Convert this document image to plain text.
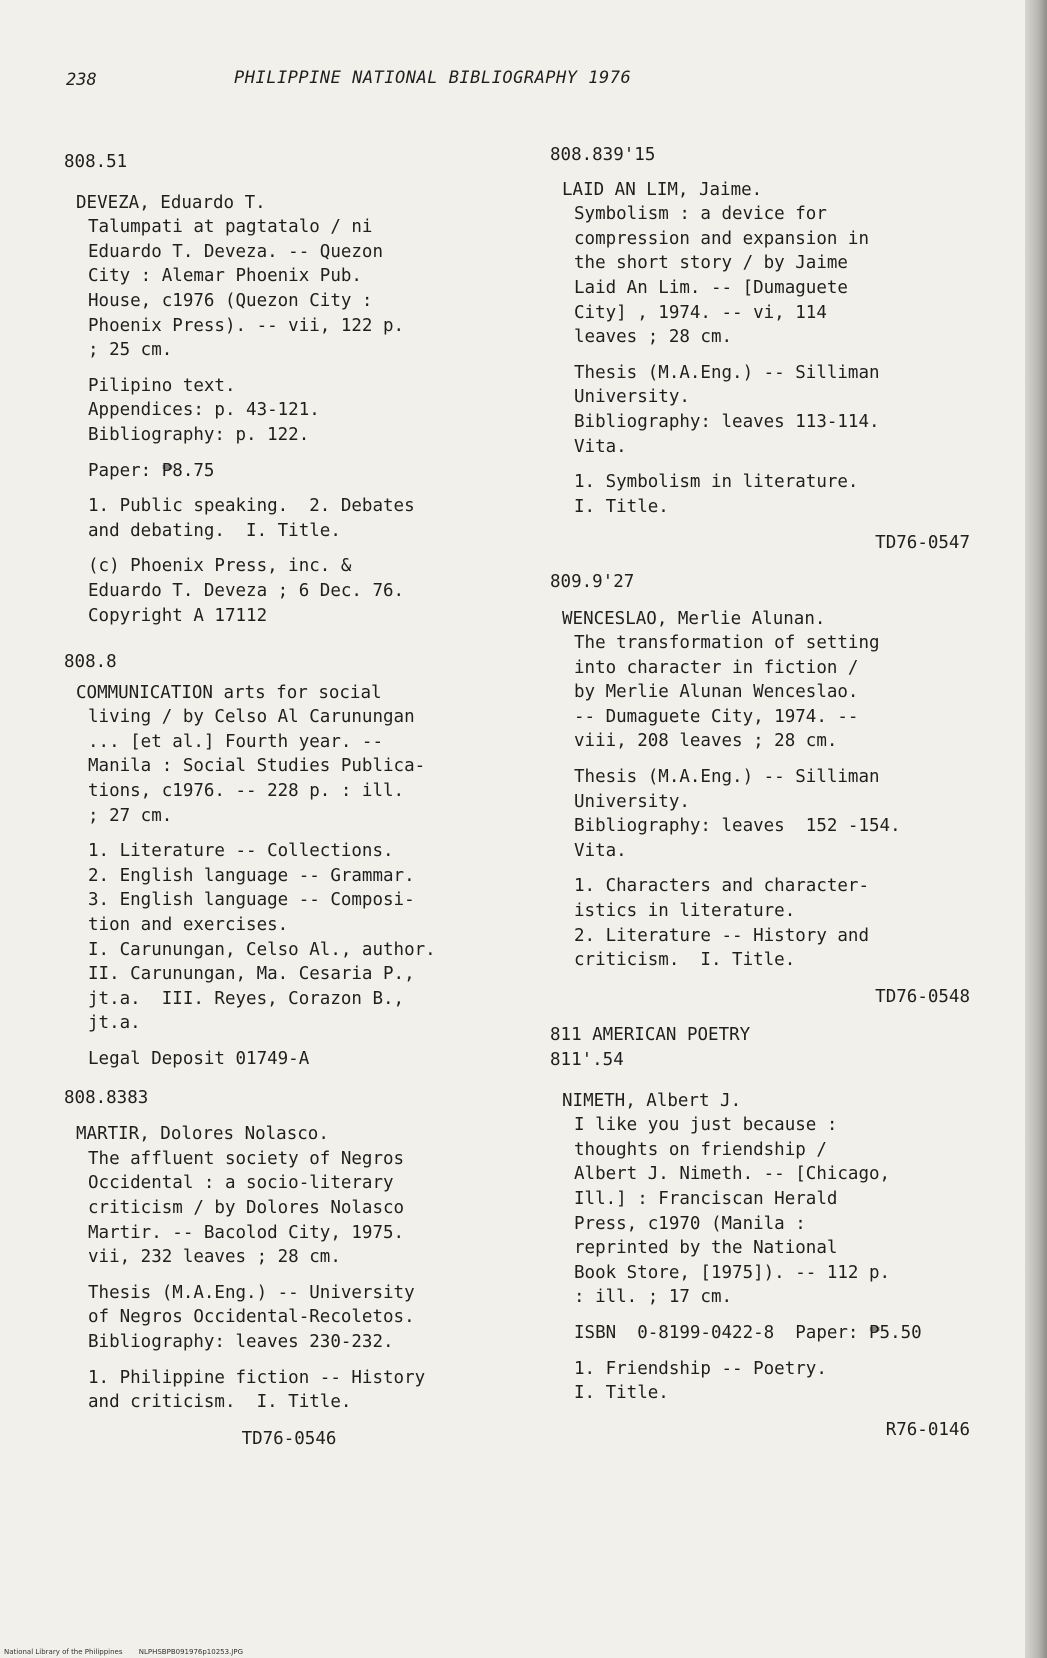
238	PHILIPPINE NATIONAL BIBLIOGRAPHY 1976
808.51
DEVEZA, Eduardo T.
Talumpati at pagtatalo / ni
Eduardo T. Deveza. -- Quezon
City : Alemar Phoenix Pub.
House, c1976 (Quezon City :
Phoenix Press). -- vii, 122 p.
; 25 cm.
Pilipino text.
Appendices: p. 43-121.
Bibliography: p. 122.
Paper: ₱8.75
1. Public speaking.  2. Debates
and debating.  I. Title.
(c) Phoenix Press, inc. &
Eduardo T. Deveza ; 6 Dec. 76.
Copyright A 17112
808.8
COMMUNICATION arts for social
living / by Celso Al Carunungan
... [et al.] Fourth year. --
Manila : Social Studies Publica-
tions, c1976. -- 228 p. : ill.
; 27 cm.
1. Literature -- Collections.
2. English language -- Grammar.
3. English language -- Composi-
tion and exercises.
I. Carunungan, Celso Al., author.
II. Carunungan, Ma. Cesaria P.,
jt.a.  III. Reyes, Corazon B.,
jt.a.
Legal Deposit 01749-A
808.8383
MARTIR, Dolores Nolasco.
The affluent society of Negros
Occidental : a socio-literary
criticism / by Dolores Nolasco
Martir. -- Bacolod City, 1975.
vii, 232 leaves ; 28 cm.
Thesis (M.A.Eng.) -- University
of Negros Occidental-Recoletos.
Bibliography: leaves 230-232.
1. Philippine fiction -- History
and criticism.  I. Title.
TD76-0546
808.839'15
LAID AN LIM, Jaime.
Symbolism : a device for
compression and expansion in
the short story / by Jaime
Laid An Lim. -- [Dumaguete
City] , 1974. -- vi, 114
leaves ; 28 cm.
Thesis (M.A.Eng.) -- Silliman
University.
Bibliography: leaves 113-114.
Vita.
1. Symbolism in literature.
I. Title.
TD76-0547
809.9'27
WENCESLAO, Merlie Alunan.
The transformation of setting
into character in fiction /
by Merlie Alunan Wenceslao.
-- Dumaguete City, 1974. --
viii, 208 leaves ; 28 cm.
Thesis (M.A.Eng.) -- Silliman
University.
Bibliography: leaves  152 -154.
Vita.
1. Characters and character-
istics in literature.
2. Literature -- History and
criticism.  I. Title.
TD76-0548
811 AMERICAN POETRY
811'.54
NIMETH, Albert J.
I like you just because :
thoughts on friendship /
Albert J. Nimeth. -- [Chicago,
Ill.] : Franciscan Herald
Press, c1970 (Manila :
reprinted by the National
Book Store, [1975]). -- 112 p.
: ill. ; 17 cm.
ISBN  0-8199-0422-8  Paper: ₱5.50
1. Friendship -- Poetry.
I. Title.
R76-0146
National Library of the Philippines NLPHSBPB091976p10253.JPG
